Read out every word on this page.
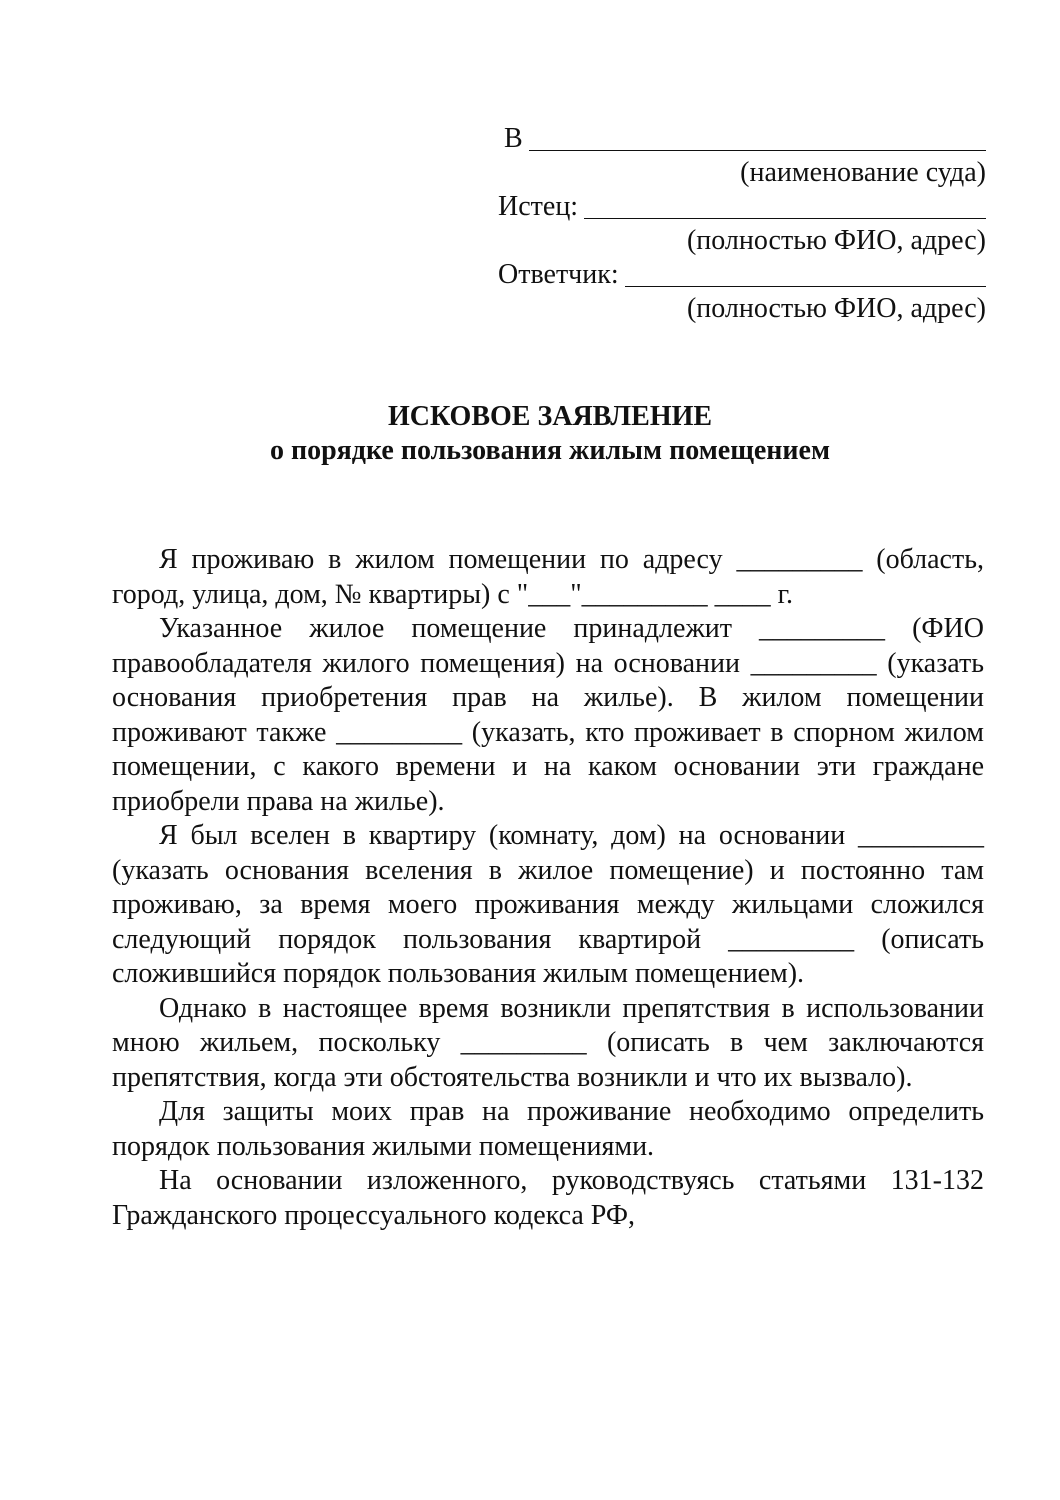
В
(наименование суда)
Истец:
(полностью ФИО, адрес)
Ответчик:
(полностью ФИО, адрес)
ИСКОВОЕ ЗАЯВЛЕНИЕ
о порядке пользования жилым помещением

Я проживаю в жилом помещении по адресу _________ (область, город, улица, дом, № квартиры) с "___"_________ ____ г.

Указанное жилое помещение принадлежит _________ (ФИО правообладателя жилого помещения) на основании _________ (указать основания приобретения прав на жилье). В жилом помещении проживают также _________ (указать, кто проживает в спорном жилом помещении, с какого времени и на каком основании эти граждане приобрели права на жилье).

Я был вселен в квартиру (комнату, дом) на основании _________ (указать основания вселения в жилое помещение) и постоянно там проживаю, за время моего проживания между жильцами сложился следующий порядок пользования квартирой _________ (описать сложившийся порядок пользования жилым помещением).

Однако в настоящее время возникли препятствия в использовании мною жильем, поскольку _________ (описать в чем заключаются препятствия, когда эти обстоятельства возникли и что их вызвало).

Для защиты моих прав на проживание необходимо определить порядок пользования жилыми помещениями.

На основании изложенного, руководствуясь статьями 131-132 Гражданского процессуального кодекса РФ,
